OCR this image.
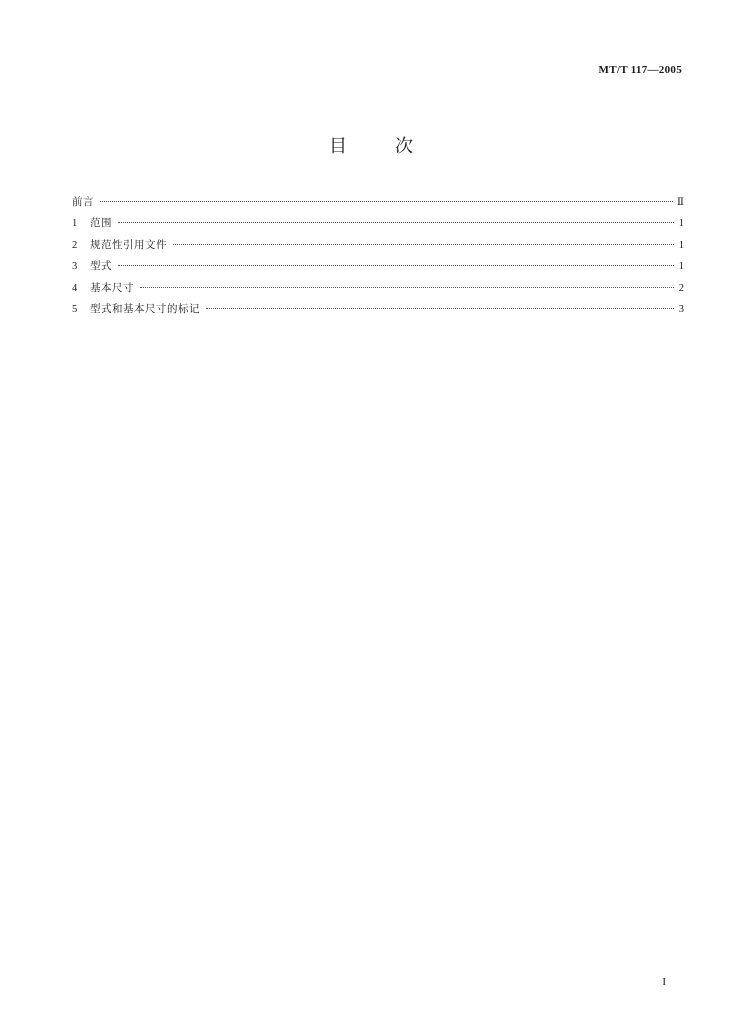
MT/T 117—2005
目	次
前言	Ⅱ
1	范围	1
2	规范性引用文件	1
3	型式	1
4	基本尺寸	2
5	型式和基本尺寸的标记	3
I
